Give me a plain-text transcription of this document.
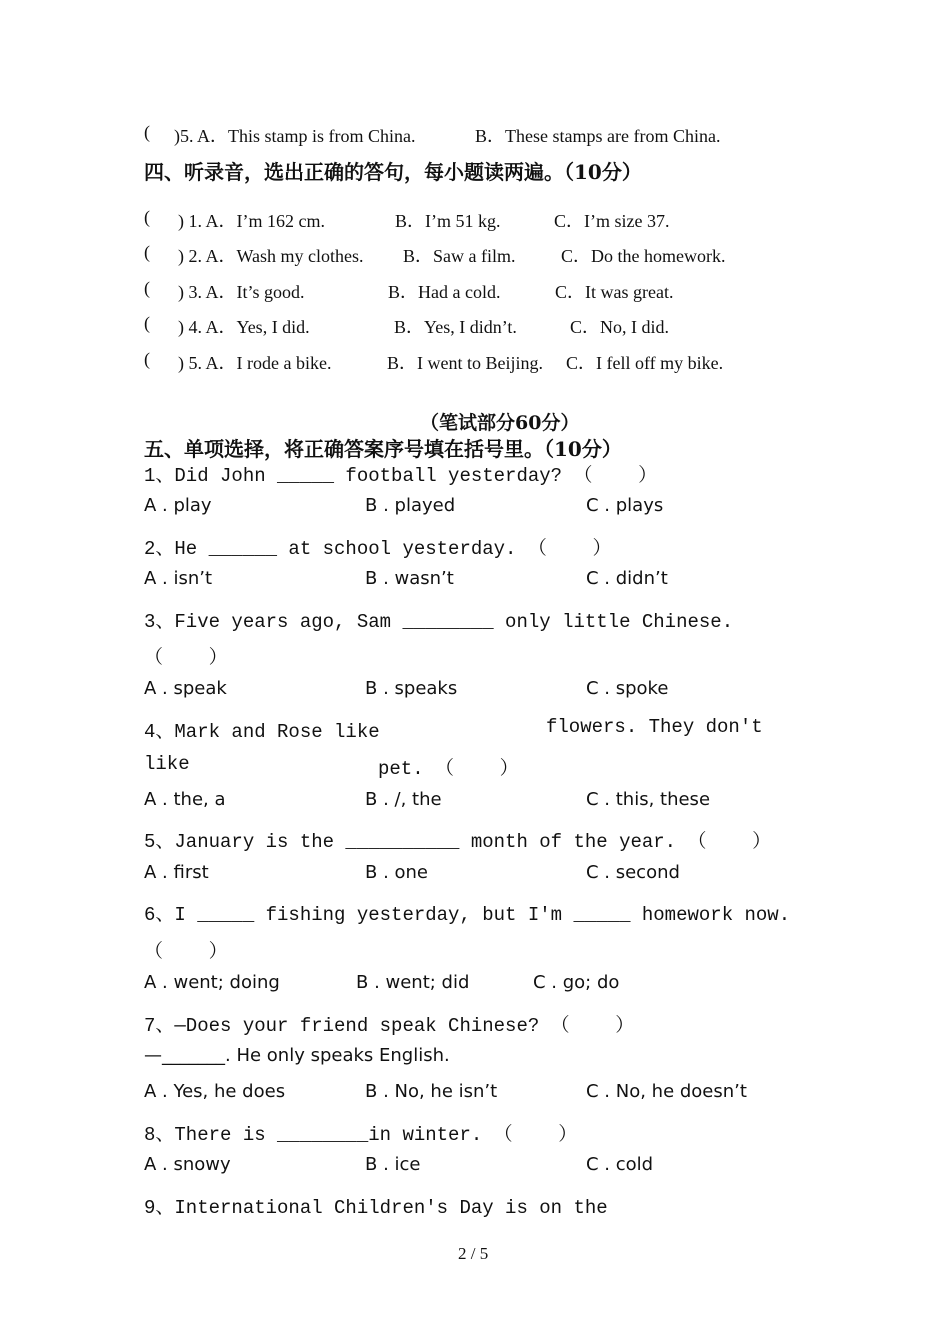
( )5. A．This stamp is from China.	B．These stamps are from China.
四、听录音，选出正确的答句，每小题读两遍。（10分）
( ) 1. A．I’m 162 cm.	B．I’m 51 kg.	C．I’m size 37.
( ) 2. A．Wash my clothes. B．Saw a film.	C．Do the homework.
( ) 3. A．It’s good.	B．Had a cold.	C．It was great.
( ) 4. A．Yes, I did.	B．Yes, I didn’t.	C．No, I did.
( ) 5. A．I rode a bike.	B．I went to Beijing. C．I fell off my bike.
（笔试部分60分）
五、单项选择，将正确答案序号填在括号里。（10分）
1、Did John _____ football yesterday? （    ）
A . play	B . played	C . plays
2、He ______ at school yesterday. （    ）
A . isn’t	B . wasn’t	C . didn’t
3、Five years ago, Sam ________ only little Chinese.
（    ）
A . speak	B . speaks	C . spoke
4、Mark and Rose like	flowers. They don't
like	pet. （    ）
A . the, a	B . /, the	C . this, these
5、January is the __________ month of the year. （    ）
A . first	B . one	C . second
6、I _____ fishing yesterday, but I'm _____ homework now.
（    ）
A . went; doing	B . went; did	C . go; do
7、—Does your friend speak Chinese? （    ）
—_______. He only speaks English.
A . Yes, he does	B . No, he isn’t	C . No, he doesn’t
8、There is ________in winter. （    ）
A . snowy	B . ice	C . cold
9、International Children's Day is on the
2 / 5
